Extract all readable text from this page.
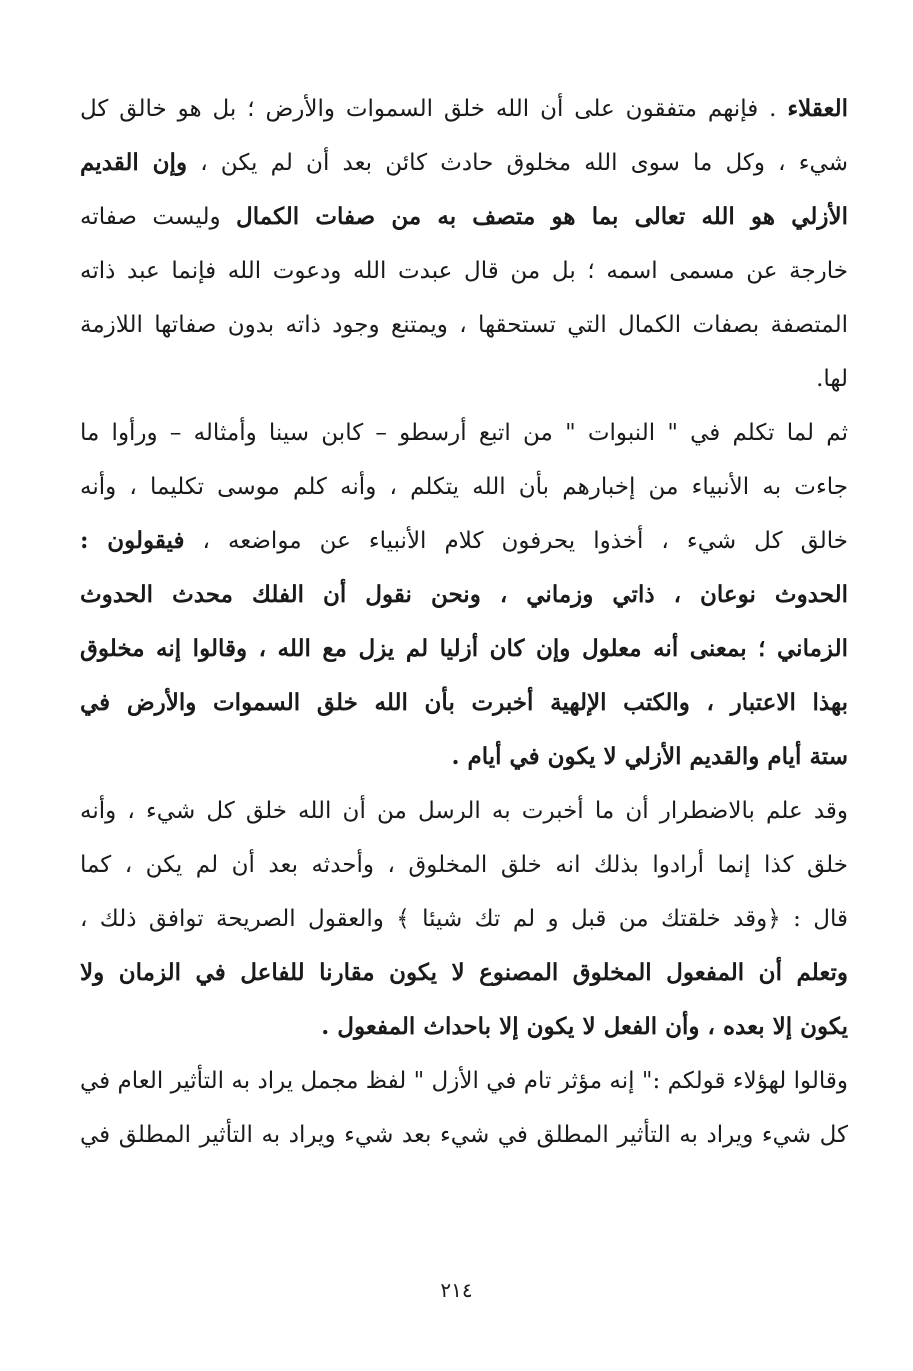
العقلاء . فإنهم متفقون على أن الله خلق السموات والأرض ؛ بل هو خالق كل
شيء ، وكل ما سوى الله مخلوق حادث كائن بعد أن لم يكن ، وإن القديم
الأزلي هو الله تعالى بما هو متصف به من صفات الكمال وليست صفاته
خارجة عن مسمى اسمه ؛ بل من قال عبدت الله ودعوت الله فإنما عبد ذاته
المتصفة بصفات الكمال التي تستحقها ، ويمتنع وجود ذاته بدون صفاتها اللازمة
لها.
ثم لما تكلم في " النبوات " من اتبع أرسطو – كابن سينا وأمثاله – ورأوا ما
جاءت به الأنبياء من إخبارهم بأن الله يتكلم ، وأنه كلم موسى تكليما ، وأنه
خالق كل شيء ، أخذوا يحرفون كلام الأنبياء عن مواضعه ، فيقولون :
الحدوث نوعان ، ذاتي وزماني ، ونحن نقول أن الفلك محدث الحدوث
الزماني ؛ بمعنى أنه معلول وإن كان أزليا لم يزل مع الله ، وقالوا إنه مخلوق
بهذا الاعتبار ، والكتب الإلهية أخبرت بأن الله خلق السموات والأرض في
ستة أيام والقديم الأزلي لا يكون في أيام .
وقد علم بالاضطرار أن ما أخبرت به الرسل من أن الله خلق كل شيء ، وأنه
خلق كذا إنما أرادوا بذلك انه خلق المخلوق ، وأحدثه بعد أن لم يكن ، كما
قال : ﴿وقد خلقتك من قبل و لم تك شيئا ﴾ والعقول الصريحة توافق ذلك ،
وتعلم أن المفعول المخلوق المصنوع لا يكون مقارنا للفاعل في الزمان ولا
يكون إلا بعده ، وأن الفعل لا يكون إلا باحداث المفعول .
وقالوا لهؤلاء قولكم :" إنه مؤثر تام في الأزل " لفظ مجمل يراد به التأثير العام في
كل شيء ويراد به التأثير المطلق في شيء بعد شيء ويراد به التأثير المطلق في
٢١٤
